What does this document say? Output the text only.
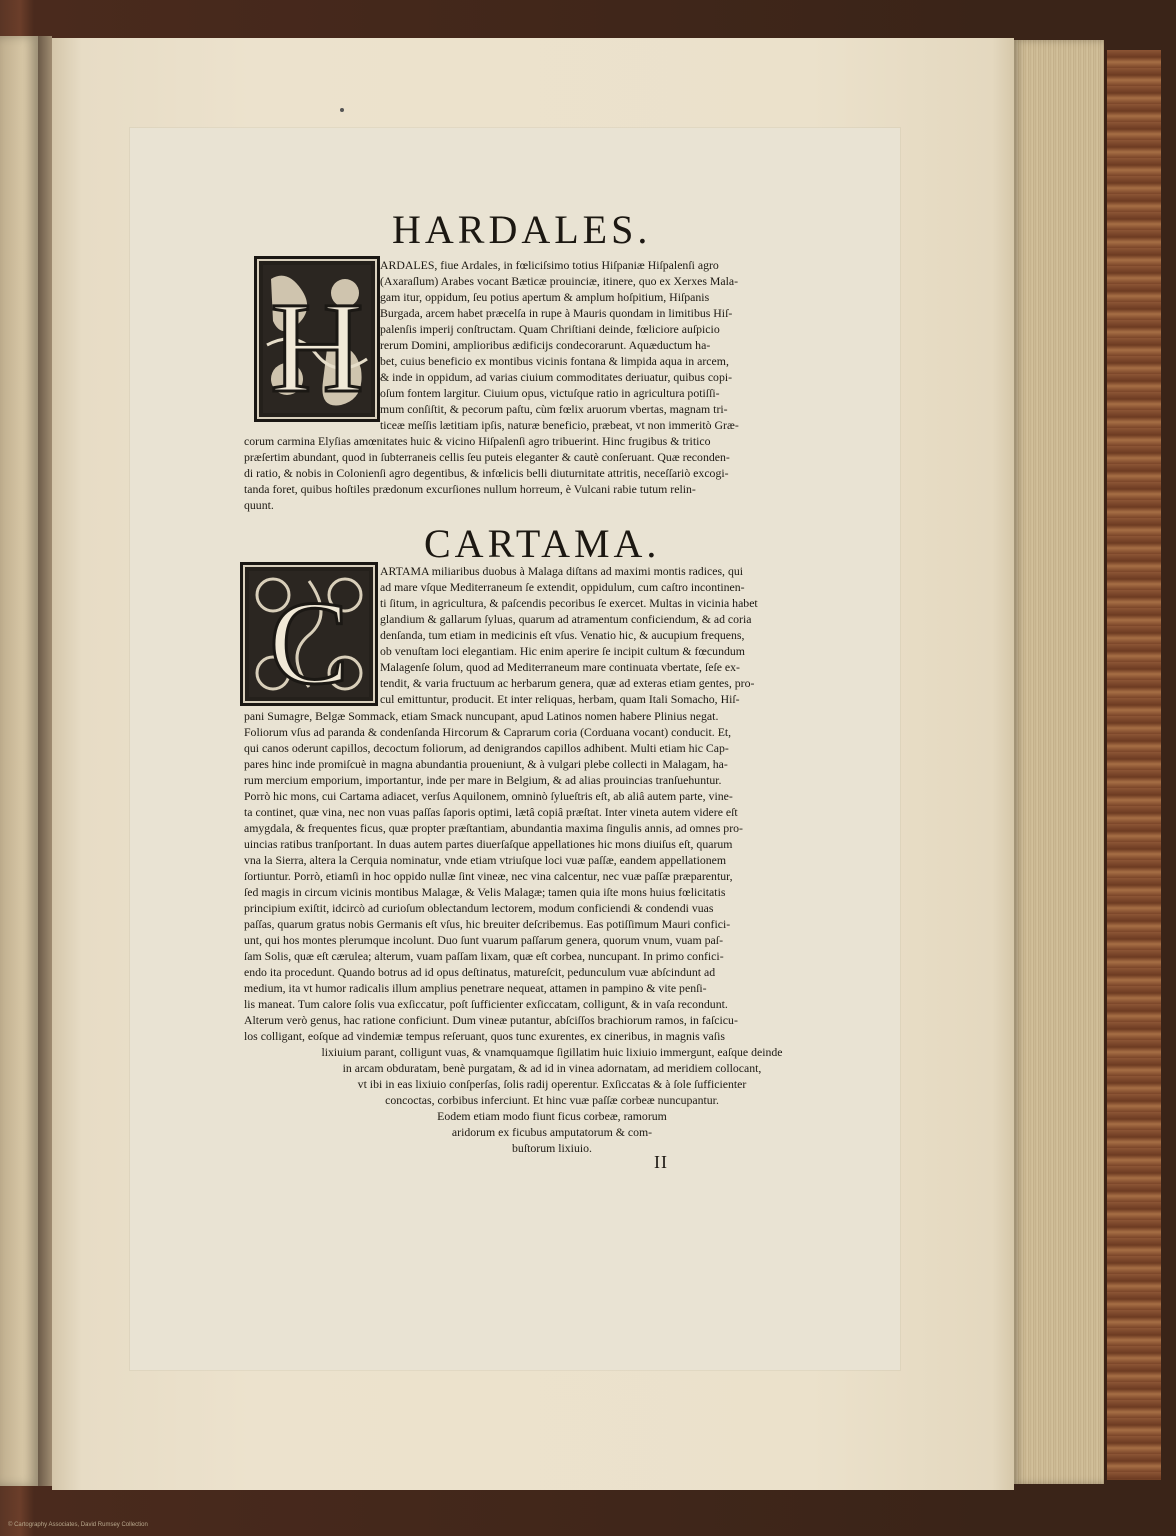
HARDALES.
H
ARDALES, fiue Ardales, in fœliciſsimo totius Hiſpaniæ Hiſpalenſi agro
(Axaraſlum) Arabes vocant Bæticæ prouinciæ, itinere, quo ex Xerxes Mala-
gam itur, oppidum, ſeu potius apertum & amplum hoſpitium, Hiſpanis
Burgada, arcem habet præcelſa in rupe à Mauris quondam in limitibus Hiſ-
palenſis imperij conſtructam. Quam Chriſtiani deinde, fœliciore auſpicio
rerum Domini, amplioribus ædificijs condecorarunt. Aquæductum ha-
bet, cuius beneficio ex montibus vicinis fontana & limpida aqua in arcem,
& inde in oppidum, ad varias ciuium commoditates deriuatur, quibus copi-
oſum fontem largitur. Ciuium opus, victuſque ratio in agricultura potiſſi-
mum conſiſtit, & pecorum paſtu, cùm fœlix aruorum vbertas, magnam tri-
ticeæ meſſis lætitiam ipſis, naturæ beneficio, præbeat, vt non immeritò Græ-
corum carmina Elyſias amœnitates huic & vicino Hiſpalenſi agro tribuerint. Hinc frugibus & tritico
præſertim abundant, quod in ſubterraneis cellis ſeu puteis eleganter & cautè conſeruant. Quæ reconden-
di ratio, & nobis in Colonienſi agro degentibus, & infœlicis belli diuturnitate attritis, neceſſariò excogi-
tanda foret, quibus hoſtiles prædonum excurſiones nullum horreum, è Vulcani rabie tutum relin-
quunt.
CARTAMA.
C
ARTAMA miliaribus duobus à Malaga diſtans ad maximi montis radices, qui
ad mare vſque Mediterraneum ſe extendit, oppidulum, cum caſtro incontinen-
ti ſitum, in agricultura, & paſcendis pecoribus ſe exercet. Multas in vicinia habet
glandium & gallarum ſyluas, quarum ad atramentum conficiendum, & ad coria
denſanda, tum etiam in medicinis eſt vſus. Venatio hic, & aucupium frequens,
ob venuſtam loci elegantiam. Hic enim aperire ſe incipit cultum & fœcundum
Malagenſe ſolum, quod ad Mediterraneum mare continuata vbertate, ſeſe ex-
tendit, & varia fructuum ac herbarum genera, quæ ad exteras etiam gentes, pro-
cul emittuntur, producit. Et inter reliquas, herbam, quam Itali Somacho, Hiſ-
pani Sumagre, Belgæ Sommack, etiam Smack nuncupant, apud Latinos nomen habere Plinius negat.
Foliorum vſus ad paranda & condenſanda Hircorum & Caprarum coria (Corduana vocant) conducit. Et,
qui canos oderunt capillos, decoctum foliorum, ad denigrandos capillos adhibent. Multi etiam hic Cap-
pares hinc inde promiſcuè in magna abundantia proueniunt, & à vulgari plebe collecti in Malagam, ha-
rum mercium emporium, importantur, inde per mare in Belgium, & ad alias prouincias tranſuehuntur.
Porrò hic mons, cui Cartama adiacet, verſus Aquilonem, omninò ſylueſtris eſt, ab aliâ autem parte, vine-
ta continet, quæ vina, nec non vuas paſſas ſaporis optimi, lætâ copiâ præſtat. Inter vineta autem videre eſt
amygdala, & frequentes ficus, quæ propter præſtantiam, abundantia maxima ſingulis annis, ad omnes pro-
uincias ratibus tranſportant. In duas autem partes diuerſaſque appellationes hic mons diuiſus eſt, quarum
vna la Sierra, altera la Cerquia nominatur, vnde etiam vtriuſque loci vuæ paſſæ, eandem appellationem
ſortiuntur. Porrò, etiamſi in hoc oppido nullæ ſint vineæ, nec vina calcentur, nec vuæ paſſæ præparentur,
ſed magis in circum vicinis montibus Malagæ, & Velis Malagæ; tamen quia iſte mons huius fœlicitatis
principium exiſtit, idcircò ad curioſum oblectandum lectorem, modum conficiendi & condendi vuas
paſſas, quarum gratus nobis Germanis eſt vſus, hic breuiter deſcribemus. Eas potiſſimum Mauri confici-
unt, qui hos montes plerumque incolunt. Duo ſunt vuarum paſſarum genera, quorum vnum, vuam paſ-
ſam Solis, quæ eſt cærulea; alterum, vuam paſſam lixam, quæ eſt corbea, nuncupant. In primo confici-
endo ita procedunt. Quando botrus ad id opus deſtinatus, matureſcit, pedunculum vuæ abſcindunt ad
medium, ita vt humor radicalis illum amplius penetrare nequeat, attamen in pampino & vite penſi-
lis maneat. Tum calore ſolis vua exſiccatur, poſt ſufficienter exſiccatam, colligunt, & in vaſa recondunt.
Alterum verò genus, hac ratione conficiunt. Dum vineæ putantur, abſciſſos brachiorum ramos, in faſcicu-
los colligant, eoſque ad vindemiæ tempus reſeruant, quos tunc exurentes, ex cineribus, in magnis vaſis
lixiuium parant, colligunt vuas, & vnamquamque ſigillatim huic lixiuio immergunt, eaſque deinde
in arcam obduratam, benè purgatam, & ad id in vinea adornatam, ad meridiem collocant,
vt ibi in eas lixiuio conſperſas, ſolis radij operentur. Exſiccatas & à ſole ſufficienter
concoctas, corbibus inferciunt. Et hinc vuæ paſſæ corbeæ nuncupantur.
Eodem etiam modo fiunt ficus corbeæ, ramorum
aridorum ex ficubus amputatorum & com-
buſtorum lixiuio.
II
© Cartography Associates, David Rumsey Collection
